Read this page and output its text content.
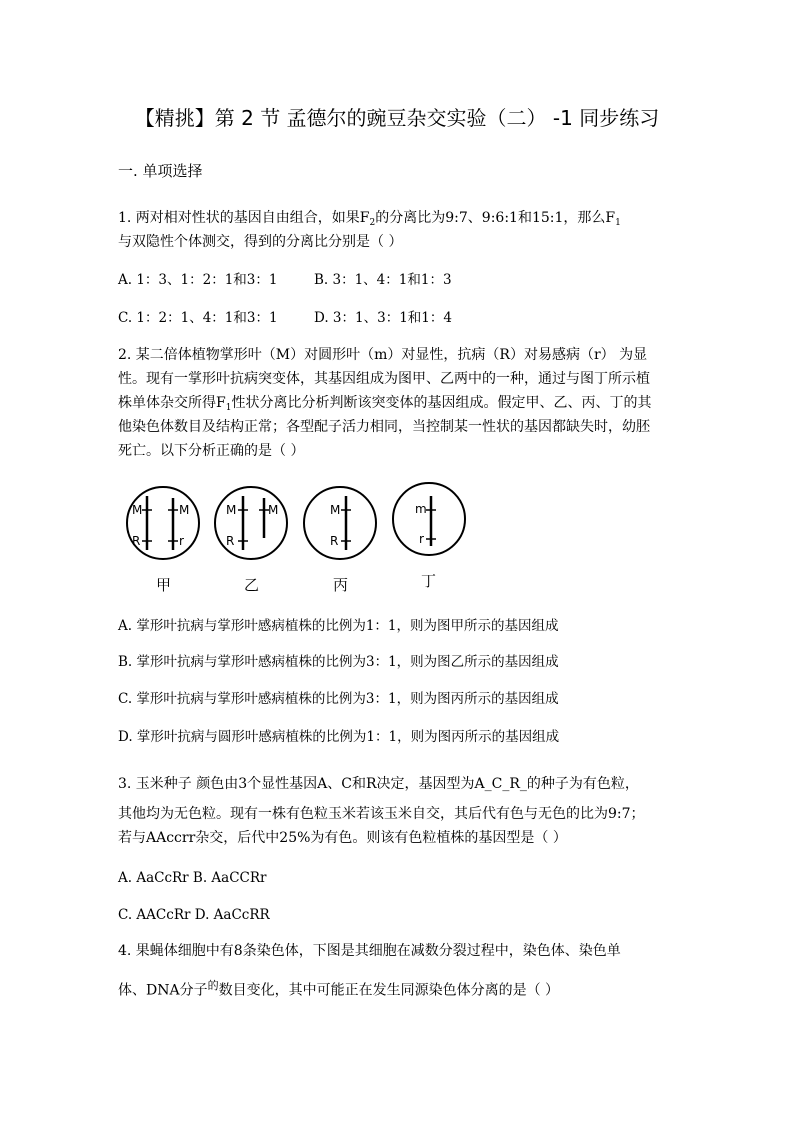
【精挑】第 2 节 孟德尔的豌豆杂交实验（二） -1 同步练习
一. 单项选择
1. 两对相对性状的基因自由组合，如果$F_2$的分离比为9:7、9:6:1和15:1，那么$F_1$
与双隐性个体测交，得到的分离比分别是（ ）
A. 1：3、1：2：1和3：1	B. 3：1、4：1和1：3
C. 1：2：1、4：1和3：1	D. 3：1、3：1和1：4
2. 某二倍体植物掌形叶（M）对圆形叶（m）对显性，抗病（R）对易感病（r） 为显
性。现有一掌形叶抗病突变体，其基因组成为图甲、乙两中的一种，通过与图丁所示植
株单体杂交所得$F_1$性状分离比分析判断该突变体的基因组成。假定甲、乙、丙、丁的其
他染色体数目及结构正常；各型配子活力相同，当控制某一性状的基因都缺失时，幼胚
死亡。以下分析正确的是（ ）
M
R
M
r
M
R
M	M
R
m
r
甲	乙	丙	丁
A. 掌形叶抗病与掌形叶感病植株的比例为1：1，则为图甲所示的基因组成
B. 掌形叶抗病与掌形叶感病植株的比例为3：1，则为图乙所示的基因组成
C. 掌形叶抗病与掌形叶感病植株的比例为3：1，则为图丙所示的基因组成
D. 掌形叶抗病与圆形叶感病植株的比例为1：1，则为图丙所示的基因组成
3. 玉米种子 颜色由3个显性基因A、C和R决定，基因型为A_C_R_的种子为有色粒，
其他均为无色粒。现有一株有色粒玉米若该玉米自交，其后代有色与无色的比为9:7；
若与AAccrr杂交，后代中25%为有色。则该有色粒植株的基因型是（ ）
A. AaCcRr B. AaCCRr
C. AACcRr D. AaCcRR
4. 果蝇体细胞中有8条染色体，下图是其细胞在减数分裂过程中，染色体、染色单
体、DNA分子$^的$数目变化，其中可能正在发生同源染色体分离的是（ ）
